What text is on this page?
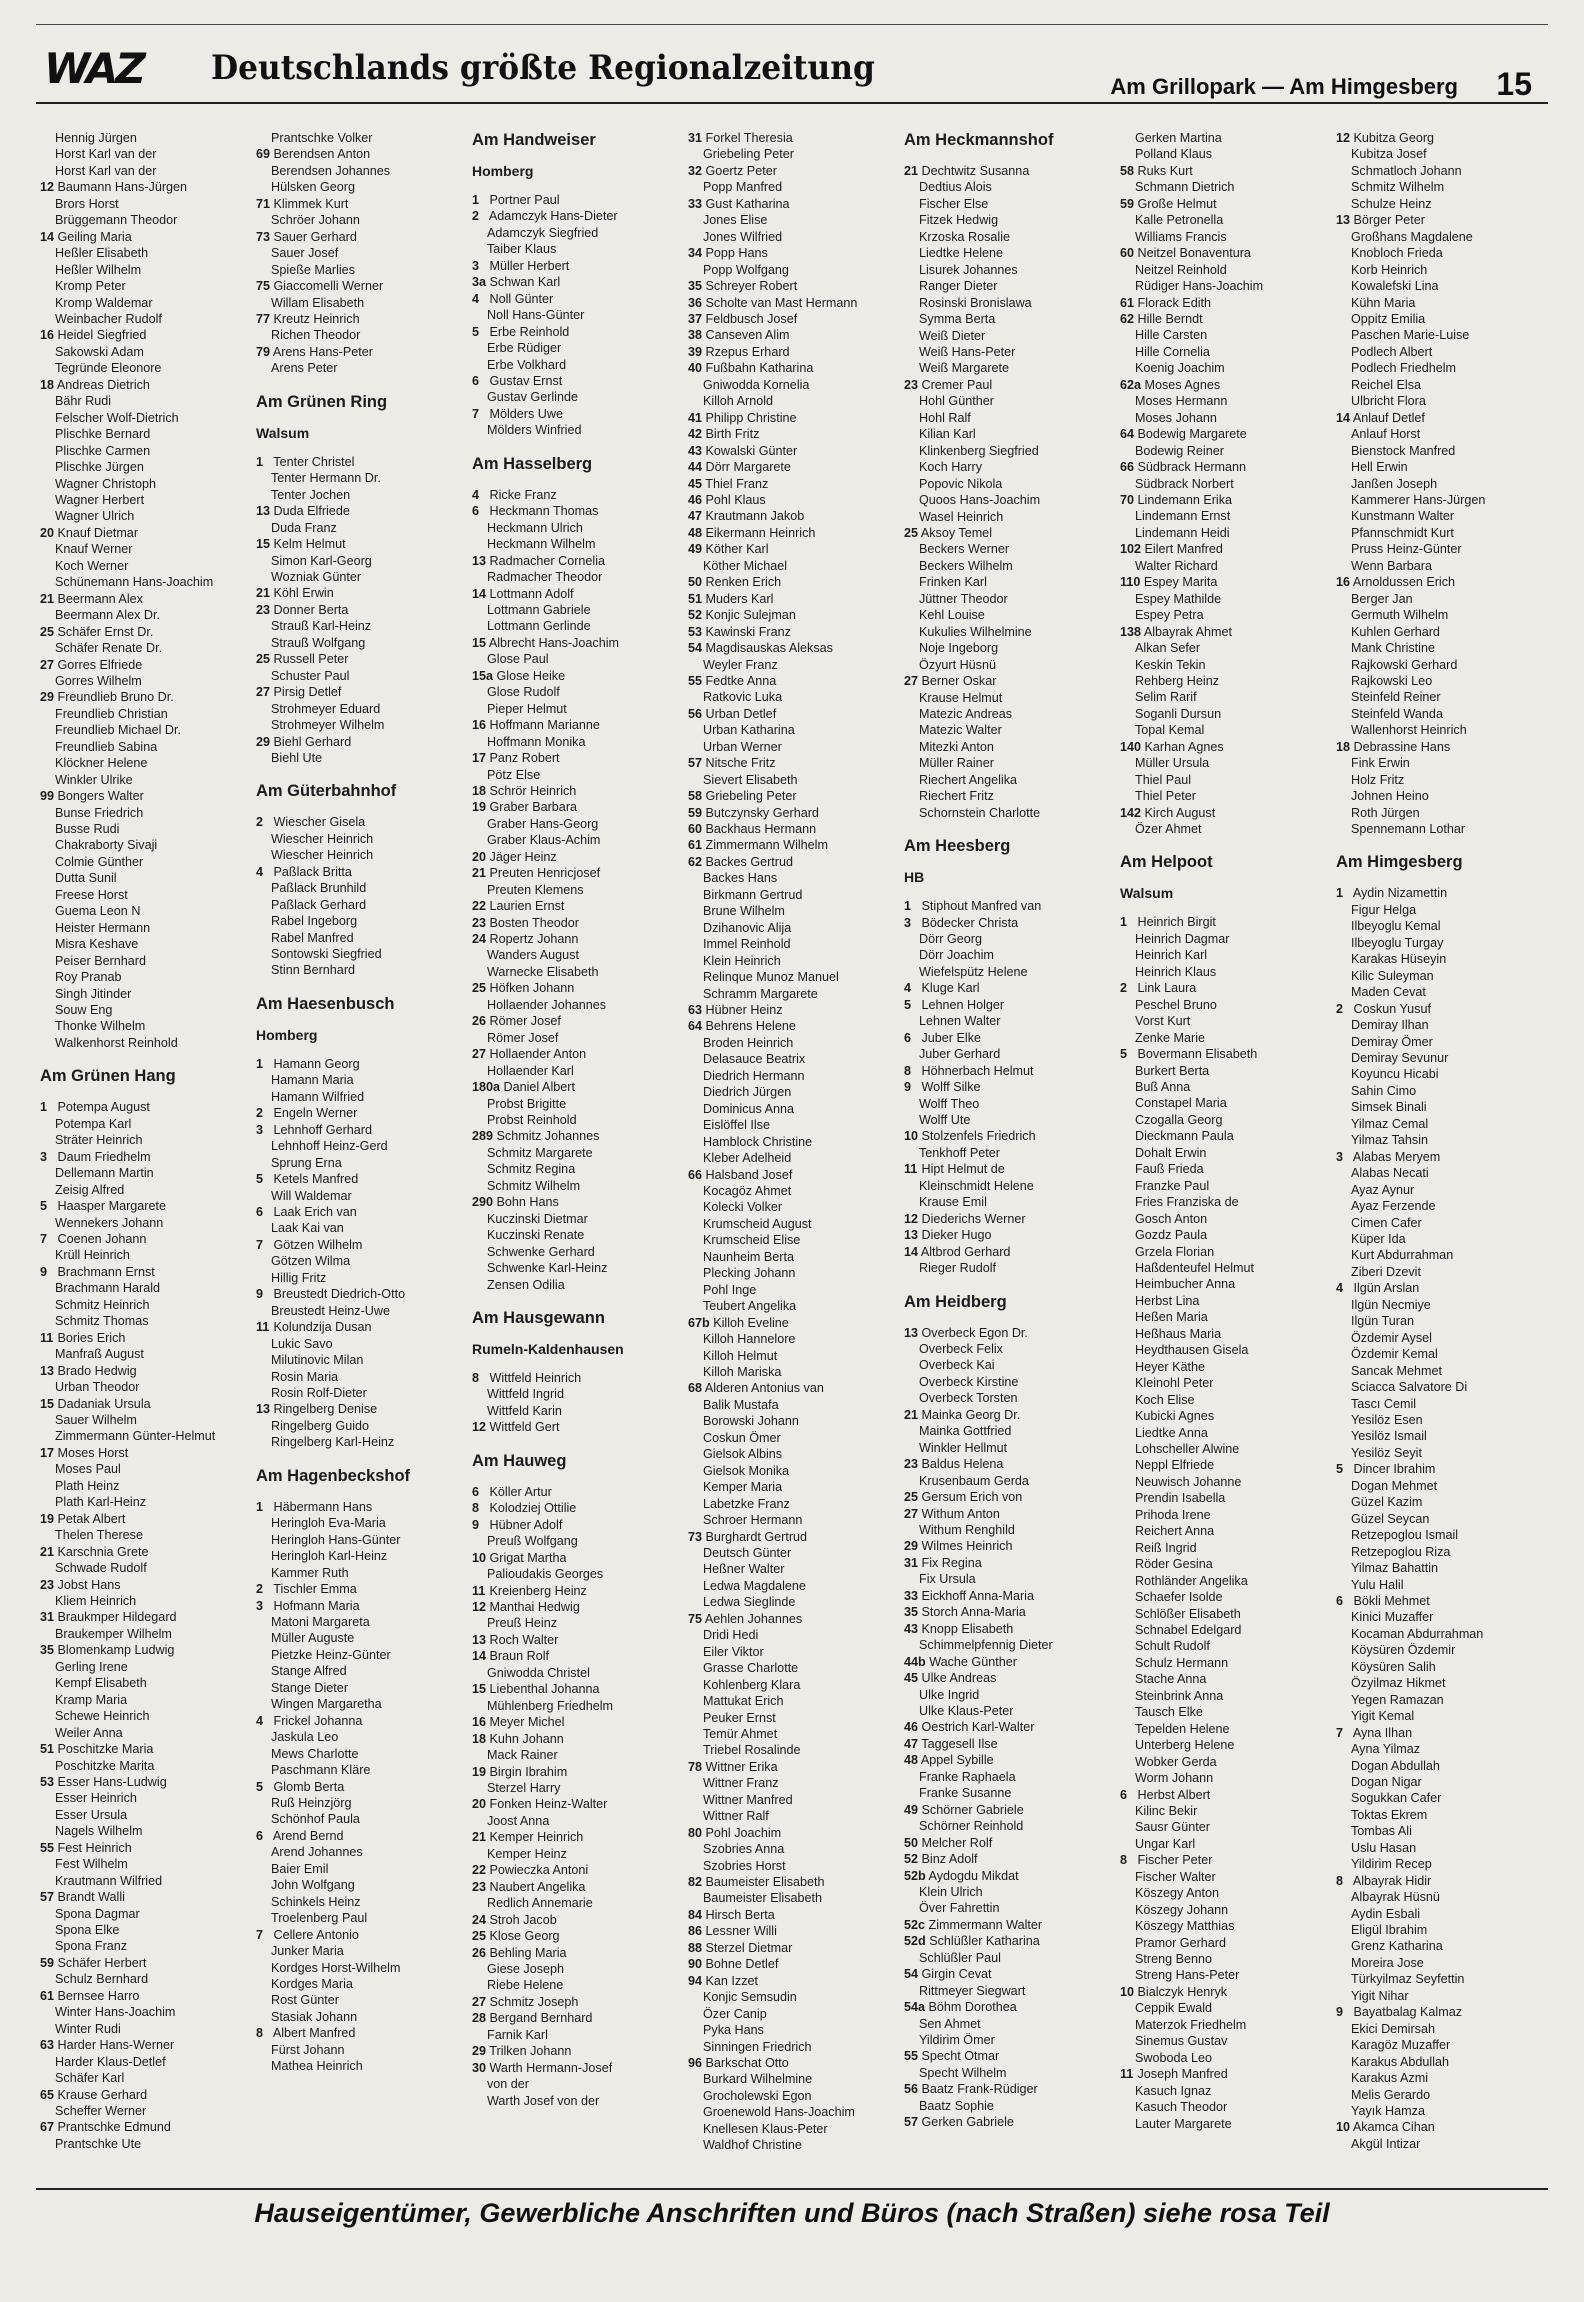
WAZ Deutschlands größte Regionalzeitung	Am Grillopark — Am Himgesberg 15
Hennig Jürgen
Horst Karl van der
Horst Karl van der
12 Baumann Hans-Jürgen
Brors Horst
Brüggemann Theodor
14 Geiling Maria
Heßler Elisabeth
Heßler Wilhelm
Kromp Peter
Kromp Waldemar
Weinbacher Rudolf
16 Heidel Siegfried
Sakowski Adam
Tegründe Eleonore
18 Andreas Dietrich
Bähr Rudi
Felscher Wolf-Dietrich
Plischke Bernard
Plischke Carmen
Plischke Jürgen
Wagner Christoph
Wagner Herbert
Wagner Ulrich
20 Knauf Dietmar
Knauf Werner
Koch Werner
Schünemann Hans-Joachim
21 Beermann Alex
Beermann Alex Dr.
25 Schäfer Ernst Dr.
Schäfer Renate Dr.
27 Gorres Elfriede
Gorres Wilhelm
29 Freundlieb Bruno Dr.
Freundlieb Christian
Freundlieb Michael Dr.
Freundlieb Sabina
Klöckner Helene
Winkler Ulrike
99 Bongers Walter
Bunse Friedrich
Busse Rudi
Chakraborty Sivaji
Colmie Günther
Dutta Sunil
Freese Horst
Guema Leon N
Heister Hermann
Misra Keshave
Peiser Bernhard
Roy Pranab
Singh Jitinder
Souw Eng
Thonke Wilhelm
Walkenhorst Reinhold
Am Grünen Hang
1 Potempa August
Potempa Karl
Sträter Heinrich
3 Daum Friedhelm
Dellemann Martin
Zeisig Alfred
5 Haasper Margarete
Wennekers Johann
7 Coenen Johann
Krüll Heinrich
9 Brachmann Ernst
Brachmann Harald
Schmitz Heinrich
Schmitz Thomas
11 Bories Erich
Manfraß August
13 Brado Hedwig
Urban Theodor
15 Dadaniak Ursula
Sauer Wilhelm
Zimmermann Günter-Helmut
17 Moses Horst
Moses Paul
Plath Heinz
Plath Karl-Heinz
19 Petak Albert
Thelen Therese
21 Karschnia Grete
Schwade Rudolf
23 Jobst Hans
Kliem Heinrich
31 Braukmper Hildegard
Braukemper Wilhelm
35 Blomenkamp Ludwig
Gerling Irene
Kempf Elisabeth
Kramp Maria
Schewe Heinrich
Weiler Anna
51 Poschitzke Maria
Poschitzke Marita
53 Esser Hans-Ludwig
Esser Heinrich
Esser Ursula
Nagels Wilhelm
55 Fest Heinrich
Fest Wilhelm
Krautmann Wilfried
57 Brandt Walli
Spona Dagmar
Spona Elke
Spona Franz
59 Schäfer Herbert
Schulz Bernhard
61 Bernsee Harro
Winter Hans-Joachim
Winter Rudi
63 Harder Hans-Werner
Harder Klaus-Detlef
Schäfer Karl
65 Krause Gerhard
Scheffer Werner
67 Prantschke Edmund
Prantschke Ute
Prantschke Volker
69 Berendsen Anton
Berendsen Johannes
Hülsken Georg
71 Klimmek Kurt
Schröer Johann
73 Sauer Gerhard
Sauer Josef
Spieße Marlies
75 Giaccomelli Werner
Willam Elisabeth
77 Kreutz Heinrich
Richen Theodor
79 Arens Hans-Peter
Arens Peter
Am Grünen Ring
Walsum
1 Tenter Christel
Tenter Hermann Dr.
Tenter Jochen
13 Duda Elfriede
Duda Franz
15 Kelm Helmut
Simon Karl-Georg
Wozniak Günter
21 Köhl Erwin
23 Donner Berta
Strauß Karl-Heinz
Strauß Wolfgang
25 Russell Peter
Schuster Paul
27 Pirsig Detlef
Strohmeyer Eduard
Strohmeyer Wilhelm
29 Biehl Gerhard
Biehl Ute
Am Güterbahnhof
2 Wiescher Gisela
Wiescher Heinrich
Wiescher Heinrich
4 Paßlack Britta
Paßlack Brunhild
Paßlack Gerhard
Rabel Ingeborg
Rabel Manfred
Sontowski Siegfried
Stinn Bernhard
Am Haesenbusch
Homberg
1 Hamann Georg
Hamann Maria
Hamann Wilfried
2 Engeln Werner
3 Lehnhoff Gerhard
Lehnhoff Heinz-Gerd
Sprung Erna
5 Ketels Manfred
Will Waldemar
6 Laak Erich van
Laak Kai van
7 Götzen Wilhelm
Götzen Wilma
Hillig Fritz
9 Breustedt Diedrich-Otto
Breustedt Heinz-Uwe
11 Kolundzija Dusan
Lukic Savo
Milutinovic Milan
Rosin Maria
Rosin Rolf-Dieter
13 Ringelberg Denise
Ringelberg Guido
Ringelberg Karl-Heinz
Am Hagenbeckshof
1 Häbermann Hans
Heringloh Eva-Maria
Heringloh Hans-Günter
Heringloh Karl-Heinz
Kammer Ruth
2 Tischler Emma
3 Hofmann Maria
Matoni Margareta
Müller Auguste
Pietzke Heinz-Günter
Stange Alfred
Stange Dieter
Wingen Margaretha
4 Frickel Johanna
Jaskula Leo
Mews Charlotte
Paschmann Kläre
5 Glomb Berta
Ruß Heinzjörg
Schönhof Paula
6 Arend Bernd
Arend Johannes
Baier Emil
John Wolfgang
Schinkels Heinz
Troelenberg Paul
7 Cellere Antonio
Junker Maria
Kordges Horst-Wilhelm
Kordges Maria
Rost Günter
Stasiak Johann
8 Albert Manfred
Fürst Johann
Mathea Heinrich
Am Handweiser
Homberg
1 Portner Paul
2 Adamczyk Hans-Dieter
Adamczyk Siegfried
Taiber Klaus
3 Müller Herbert
3a Schwan Karl
4 Noll Günter
Noll Hans-Günter
5 Erbe Reinhold
Erbe Rüdiger
Erbe Volkhard
6 Gustav Ernst
Gustav Gerlinde
7 Mölders Uwe
Mölders Winfried
Am Hasselberg
4 Ricke Franz
6 Heckmann Thomas
Heckmann Ulrich
Heckmann Wilhelm
13 Radmacher Cornelia
Radmacher Theodor
14 Lottmann Adolf
Lottmann Gabriele
Lottmann Gerlinde
15 Albrecht Hans-Joachim
Glose Paul
15a Glose Heike
Glose Rudolf
Pieper Helmut
16 Hoffmann Marianne
Hoffmann Monika
17 Panz Robert
Pötz Else
18 Schrör Heinrich
19 Graber Barbara
Graber Hans-Georg
Graber Klaus-Achim
20 Jäger Heinz
21 Preuten Henricjosef
Preuten Klemens
22 Laurien Ernst
23 Bosten Theodor
24 Ropertz Johann
Wanders August
Warnecke Elisabeth
25 Höfken Johann
Hollaender Johannes
26 Römer Josef
Römer Josef
27 Hollaender Anton
Hollaender Karl
180a Daniel Albert
Probst Brigitte
Probst Reinhold
289 Schmitz Johannes
Schmitz Margarete
Schmitz Regina
Schmitz Wilhelm
290 Bohn Hans
Kuczinski Dietmar
Kuczinski Renate
Schwenke Gerhard
Schwenke Karl-Heinz
Zensen Odilia
Am Hausgewann
Rumeln-Kaldenhausen
8 Wittfeld Heinrich
Wittfeld Ingrid
Wittfeld Karin
12 Wittfeld Gert
Am Hauweg
6 Köller Artur
8 Kolodziej Ottilie
9 Hübner Adolf
Preuß Wolfgang
10 Grigat Martha
Palioudakis Georges
11 Kreienberg Heinz
12 Manthai Hedwig
Preuß Heinz
13 Roch Walter
14 Braun Rolf
Gniwodda Christel
15 Liebenthal Johanna
Mühlenberg Friedhelm
16 Meyer Michel
18 Kuhn Johann
Mack Rainer
19 Birgin Ibrahim
Sterzel Harry
20 Fonken Heinz-Walter
Joost Anna
21 Kemper Heinrich
Kemper Heinz
22 Powieczka Antoni
23 Naubert Angelika
Redlich Annemarie
24 Stroh Jacob
25 Klose Georg
26 Behling Maria
Giese Joseph
Riebe Helene
27 Schmitz Joseph
28 Bergand Bernhard
Farnik Karl
29 Trilken Johann
30 Warth Hermann-Josef
von der
Warth Josef von der
31 Forkel Theresia
Griebeling Peter
32 Goertz Peter
Popp Manfred
33 Gust Katharina
Jones Elise
Jones Wilfried
34 Popp Hans
Popp Wolfgang
35 Schreyer Robert
36 Scholte van Mast Hermann
37 Feldbusch Josef
38 Canseven Alim
39 Rzepus Erhard
40 Fußbahn Katharina
Gniwodda Kornelia
Killoh Arnold
41 Philipp Christine
42 Birth Fritz
43 Kowalski Günter
44 Dörr Margarete
45 Thiel Franz
46 Pohl Klaus
47 Krautmann Jakob
48 Eikermann Heinrich
49 Köther Karl
Köther Michael
50 Renken Erich
51 Muders Karl
52 Konjic Sulejman
53 Kawinski Franz
54 Magdisauskas Aleksas
Weyler Franz
55 Fedtke Anna
Ratkovic Luka
56 Urban Detlef
Urban Katharina
Urban Werner
57 Nitsche Fritz
Sievert Elisabeth
58 Griebeling Peter
59 Butczynsky Gerhard
60 Backhaus Hermann
61 Zimmermann Wilhelm
62 Backes Gertrud
Backes Hans
Birkmann Gertrud
Brune Wilhelm
Dzihanovic Alija
Immel Reinhold
Klein Heinrich
Relinque Munoz Manuel
Schramm Margarete
63 Hübner Heinz
64 Behrens Helene
Broden Heinrich
Delasauce Beatrix
Diedrich Hermann
Diedrich Jürgen
Dominicus Anna
Eislöffel Ilse
Hamblock Christine
Kleber Adelheid
66 Halsband Josef
Kocagöz Ahmet
Kolecki Volker
Krumscheid August
Krumscheid Elise
Naunheim Berta
Plecking Johann
Pohl Inge
Teubert Angelika
67b Killoh Eveline
Killoh Hannelore
Killoh Helmut
Killoh Mariska
68 Alderen Antonius van
Balik Mustafa
Borowski Johann
Coskun Ömer
Gielsok Albins
Gielsok Monika
Kemper Maria
Labetzke Franz
Schroer Hermann
73 Burghardt Gertrud
Deutsch Günter
Heßner Walter
Ledwa Magdalene
Ledwa Sieglinde
75 Aehlen Johannes
Dridi Hedi
Eiler Viktor
Grasse Charlotte
Kohlenberg Klara
Mattukat Erich
Peuker Ernst
Temür Ahmet
Triebel Rosalinde
78 Wittner Erika
Wittner Franz
Wittner Manfred
Wittner Ralf
80 Pohl Joachim
Szobries Anna
Szobries Horst
82 Baumeister Elisabeth
Baumeister Elisabeth
84 Hirsch Berta
86 Lessner Willi
88 Sterzel Dietmar
90 Bohne Detlef
94 Kan Izzet
Konjic Semsudin
Özer Canip
Pyka Hans
Sinningen Friedrich
96 Barkschat Otto
Burkard Wilhelmine
Grocholewski Egon
Groenewold Hans-Joachim
Knellesen Klaus-Peter
Waldhof Christine
Am Heckmannshof
21 Dechtwitz Susanna
Dedtius Alois
Fischer Else
Fitzek Hedwig
Krzoska Rosalie
Liedtke Helene
Lisurek Johannes
Ranger Dieter
Rosinski Bronislawa
Symma Berta
Weiß Dieter
Weiß Hans-Peter
Weiß Margarete
23 Cremer Paul
Hohl Günther
Hohl Ralf
Kilian Karl
Klinkenberg Siegfried
Koch Harry
Popovic Nikola
Quoos Hans-Joachim
Wasel Heinrich
25 Aksoy Temel
Beckers Werner
Beckers Wilhelm
Frinken Karl
Jüttner Theodor
Kehl Louise
Kukulies Wilhelmine
Noje Ingeborg
Özyurt Hüsnü
27 Berner Oskar
Krause Helmut
Matezic Andreas
Matezic Walter
Mitezki Anton
Müller Rainer
Riechert Angelika
Riechert Fritz
Schornstein Charlotte
Am Heesberg
HB
1 Stiphout Manfred van
3 Bödecker Christa
Dörr Georg
Dörr Joachim
Wiefelspütz Helene
4 Kluge Karl
5 Lehnen Holger
Lehnen Walter
6 Juber Elke
Juber Gerhard
8 Höhnerbach Helmut
9 Wolff Silke
Wolff Theo
Wolff Ute
10 Stolzenfels Friedrich
Tenkhoff Peter
11 Hipt Helmut de
Kleinschmidt Helene
Krause Emil
12 Diederichs Werner
13 Dieker Hugo
14 Altbrod Gerhard
Rieger Rudolf
Am Heidberg
13 Overbeck Egon Dr.
Overbeck Felix
Overbeck Kai
Overbeck Kirstine
Overbeck Torsten
21 Mainka Georg Dr.
Mainka Gottfried
Winkler Hellmut
23 Baldus Helena
Krusenbaum Gerda
25 Gersum Erich von
27 Withum Anton
Withum Renghild
29 Wilmes Heinrich
31 Fix Regina
Fix Ursula
33 Eickhoff Anna-Maria
35 Storch Anna-Maria
43 Knopp Elisabeth
Schimmelpfennig Dieter
44b Wache Günther
45 Ulke Andreas
Ulke Ingrid
Ulke Klaus-Peter
46 Oestrich Karl-Walter
47 Taggesell Ilse
48 Appel Sybille
Franke Raphaela
Franke Susanne
49 Schörner Gabriele
Schörner Reinhold
50 Melcher Rolf
52 Binz Adolf
52b Aydogdu Mikdat
Klein Ulrich
Över Fahrettin
52c Zimmermann Walter
52d Schlüßler Katharina
Schlüßler Paul
54 Girgin Cevat
Rittmeyer Siegwart
54a Böhm Dorothea
Sen Ahmet
Yildirim Ömer
55 Specht Otmar
Specht Wilhelm
56 Baatz Frank-Rüdiger
Baatz Sophie
57 Gerken Gabriele
Gerken Martina
Polland Klaus
58 Ruks Kurt
Schmann Dietrich
59 Große Helmut
Kalle Petronella
Williams Francis
60 Neitzel Bonaventura
Neitzel Reinhold
Rüdiger Hans-Joachim
61 Florack Edith
62 Hille Berndt
Hille Carsten
Hille Cornelia
Koenig Joachim
62a Moses Agnes
Moses Hermann
Moses Johann
64 Bodewig Margarete
Bodewig Reiner
66 Südbrack Hermann
Südbrack Norbert
70 Lindemann Erika
Lindemann Ernst
Lindemann Heidi
102 Eilert Manfred
Walter Richard
110 Espey Marita
Espey Mathilde
Espey Petra
138 Albayrak Ahmet
Alkan Sefer
Keskin Tekin
Rehberg Heinz
Selim Rarif
Soganli Dursun
Topal Kemal
140 Karhan Agnes
Müller Ursula
Thiel Paul
Thiel Peter
142 Kirch August
Özer Ahmet
Am Helpoot
Walsum
1 Heinrich Birgit
Heinrich Dagmar
Heinrich Karl
Heinrich Klaus
2 Link Laura
Peschel Bruno
Vorst Kurt
Zenke Marie
5 Bovermann Elisabeth
Burkert Berta
Buß Anna
Constapel Maria
Czogalla Georg
Dieckmann Paula
Dohalt Erwin
Fauß Frieda
Franzke Paul
Fries Franziska de
Gosch Anton
Gozdz Paula
Grzela Florian
Haßdenteufel Helmut
Heimbucher Anna
Herbst Lina
Heßen Maria
Heßhaus Maria
Heydthausen Gisela
Heyer Käthe
Kleinohl Peter
Koch Elise
Kubicki Agnes
Liedtke Anna
Lohscheller Alwine
Neppl Elfriede
Neuwisch Johanne
Prendin Isabella
Prihoda Irene
Reichert Anna
Reiß Ingrid
Röder Gesina
Rothländer Angelika
Schaefer Isolde
Schlößer Elisabeth
Schnabel Edelgard
Schult Rudolf
Schulz Hermann
Stache Anna
Steinbrink Anna
Tausch Elke
Tepelden Helene
Unterberg Helene
Wobker Gerda
Worm Johann
6 Herbst Albert
Kilinc Bekir
Sausr Günter
Ungar Karl
8 Fischer Peter
Fischer Walter
Köszegy Anton
Köszegy Johann
Köszegy Matthias
Pramor Gerhard
Streng Benno
Streng Hans-Peter
10 Bialczyk Henryk
Ceppik Ewald
Materzok Friedhelm
Sinemus Gustav
Swoboda Leo
11 Joseph Manfred
Kasuch Ignaz
Kasuch Theodor
Lauter Margarete
12 Kubitza Georg
Kubitza Josef
Schmatloch Johann
Schmitz Wilhelm
Schulze Heinz
13 Börger Peter
Großhans Magdalene
Knobloch Frieda
Korb Heinrich
Kowalefski Lina
Kühn Maria
Oppitz Emilia
Paschen Marie-Luise
Podlech Albert
Podlech Friedhelm
Reichel Elsa
Ulbricht Flora
14 Anlauf Detlef
Anlauf Horst
Bienstock Manfred
Hell Erwin
Janßen Joseph
Kammerer Hans-Jürgen
Kunstmann Walter
Pfannschmidt Kurt
Pruss Heinz-Günter
Wenn Barbara
16 Arnoldussen Erich
Berger Jan
Germuth Wilhelm
Kuhlen Gerhard
Mank Christine
Rajkowski Gerhard
Rajkowski Leo
Steinfeld Reiner
Steinfeld Wanda
Wallenhorst Heinrich
18 Debrassine Hans
Fink Erwin
Holz Fritz
Johnen Heino
Roth Jürgen
Spennemann Lothar
Am Himgesberg
1 Aydin Nizamettin
Figur Helga
Ilbeyoglu Kemal
Ilbeyoglu Turgay
Karakas Hüseyin
Kilic Suleyman
Maden Cevat
2 Coskun Yusuf
Demiray Ilhan
Demiray Ömer
Demiray Sevunur
Koyuncu Hicabi
Sahin Cimo
Simsek Binali
Yilmaz Cemal
Yilmaz Tahsin
3 Alabas Meryem
Alabas Necati
Ayaz Aynur
Ayaz Ferzende
Cimen Cafer
Küper Ida
Kurt Abdurrahman
Ziberi Dzevit
4 Ilgün Arslan
Ilgün Necmiye
Ilgün Turan
Özdemir Aysel
Özdemir Kemal
Sancak Mehmet
Sciacca Salvatore Di
Tascı Cemil
Yesilöz Esen
Yesilöz Ismail
Yesilöz Seyit
5 Dincer Ibrahim
Dogan Mehmet
Güzel Kazim
Güzel Seycan
Retzepoglou Ismail
Retzepoglou Riza
Yilmaz Bahattin
Yulu Halil
6 Bökli Mehmet
Kinici Muzaffer
Kocaman Abdurrahman
Köysüren Özdemir
Köysüren Salih
Özyilmaz Hikmet
Yegen Ramazan
Yigit Kemal
7 Ayna Ilhan
Ayna Yilmaz
Dogan Abdullah
Dogan Nigar
Sogukkan Cafer
Toktas Ekrem
Tombas Ali
Uslu Hasan
Yildirim Recep
8 Albayrak Hidir
Albayrak Hüsnü
Aydin Esbali
Eligül Ibrahim
Grenz Katharina
Moreira Jose
Türkyilmaz Seyfettin
Yigit Nihar
9 Bayatbalag Kalmaz
Ekici Demirsah
Karagöz Muzaffer
Karakus Abdullah
Karakus Azmi
Melis Gerardo
Yayık Hamza
10 Akamca Cihan
Akgül Intizar
Hauseigentümer, Gewerbliche Anschriften und Büros (nach Straßen) siehe rosa Teil
